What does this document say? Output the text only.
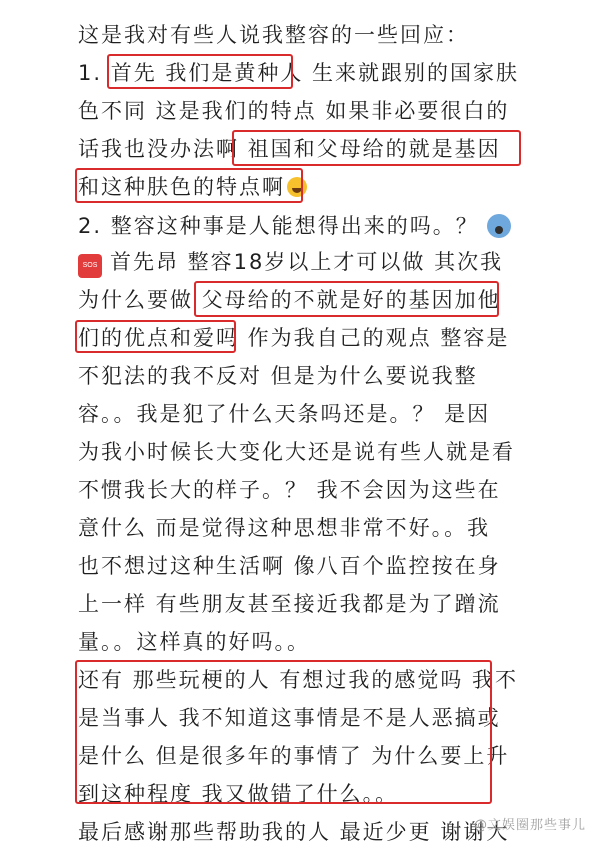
这是我对有些人说我整容的一些回应：
1. 首先 我们是黄种人 生来就跟别的国家肤
色不同 这是我们的特点 如果非必要很白的
话我也没办法啊 祖国和父母给的就是基因
和这种肤色的特点啊
2. 整容这种事是人能想得出来的吗。？
SOS 首先昂 整容18岁以上才可以做 其次我
为什么要做 父母给的不就是好的基因加他
们的优点和爱吗 作为我自己的观点 整容是
不犯法的我不反对 但是为什么要说我整
容。。我是犯了什么天条吗还是。？ 是因
为我小时候长大变化大还是说有些人就是看
不惯我长大的样子。？ 我不会因为这些在
意什么 而是觉得这种思想非常不好。。我
也不想过这种生活啊 像八百个监控按在身
上一样 有些朋友甚至接近我都是为了蹭流
量。。这样真的好吗。。
还有 那些玩梗的人 有想过我的感觉吗 我不
是当事人 我不知道这事情是不是人恶搞或
是什么 但是很多年的事情了 为什么要上升
到这种程度 我又做错了什么。。
最后感谢那些帮助我的人 最近少更 谢谢大
@文娱圈那些事儿
